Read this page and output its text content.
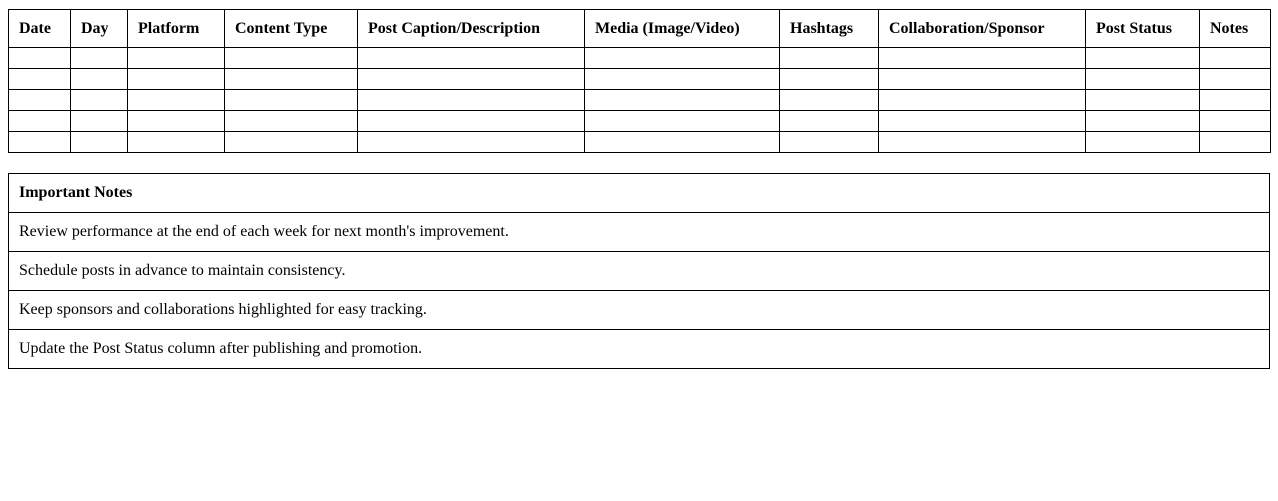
Date	Day	Platform	Content Type	Post Caption/Description	Media (Image/Video)	Hashtags	Collaboration/Sponsor	Post Status	Notes

Important Notes
Review performance at the end of each week for next month's improvement.
Schedule posts in advance to maintain consistency.
Keep sponsors and collaborations highlighted for easy tracking.
Update the Post Status column after publishing and promotion.
